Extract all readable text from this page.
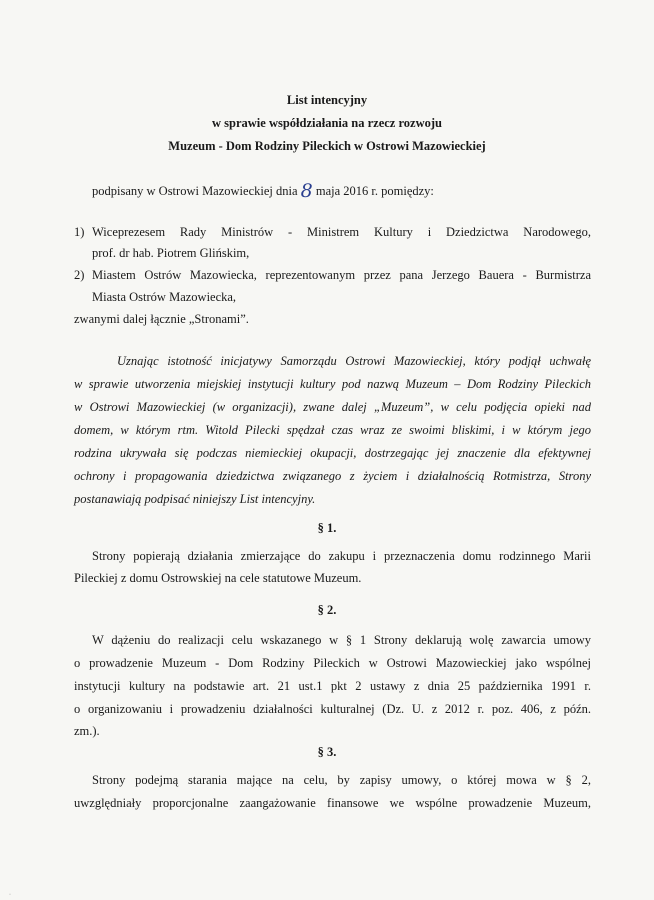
List intencyjny
w sprawie współdziałania na rzecz rozwoju
Muzeum - Dom Rodziny Pileckich w Ostrowi Mazowieckiej
podpisany w Ostrowi Mazowieckiej dnia 8 maja 2016 r. pomiędzy:
1) Wiceprezesem Rady Ministrów - Ministrem Kultury i Dziedzictwa Narodowego,
prof. dr hab. Piotrem Glińskim,
2) Miastem Ostrów Mazowiecka, reprezentowanym przez pana Jerzego Bauera - Burmistrza
Miasta Ostrów Mazowiecka,
zwanymi dalej łącznie „Stronami”.
Uznając istotność inicjatywy Samorządu Ostrowi Mazowieckiej, który podjął uchwałę
w sprawie utworzenia miejskiej instytucji kultury pod nazwą Muzeum – Dom Rodziny Pileckich
w Ostrowi Mazowieckiej (w organizacji), zwane dalej „Muzeum”, w celu podjęcia opieki nad
domem, w którym rtm. Witold Pilecki spędzał czas wraz ze swoimi bliskimi, i w którym jego
rodzina ukrywała się podczas niemieckiej okupacji, dostrzegając jej znaczenie dla efektywnej
ochrony i propagowania dziedzictwa związanego z życiem i działalnością Rotmistrza, Strony
postanawiają podpisać niniejszy List intencyjny.
§ 1.
Strony popierają działania zmierzające do zakupu i przeznaczenia domu rodzinnego Marii
Pileckiej z domu Ostrowskiej na cele statutowe Muzeum.
§ 2.
W dążeniu do realizacji celu wskazanego w § 1 Strony deklarują wolę zawarcia umowy
o prowadzenie Muzeum - Dom Rodziny Pileckich w Ostrowi Mazowieckiej jako wspólnej
instytucji kultury na podstawie art. 21 ust.1 pkt 2 ustawy z dnia 25 października 1991 r.
o organizowaniu i prowadzeniu działalności kulturalnej (Dz. U. z 2012 r. poz. 406, z późn.
zm.).
§ 3.
Strony podejmą starania mające na celu, by zapisy umowy, o której mowa w § 2,
uwzględniały proporcjonalne zaangażowanie finansowe we wspólne prowadzenie Muzeum,
·
